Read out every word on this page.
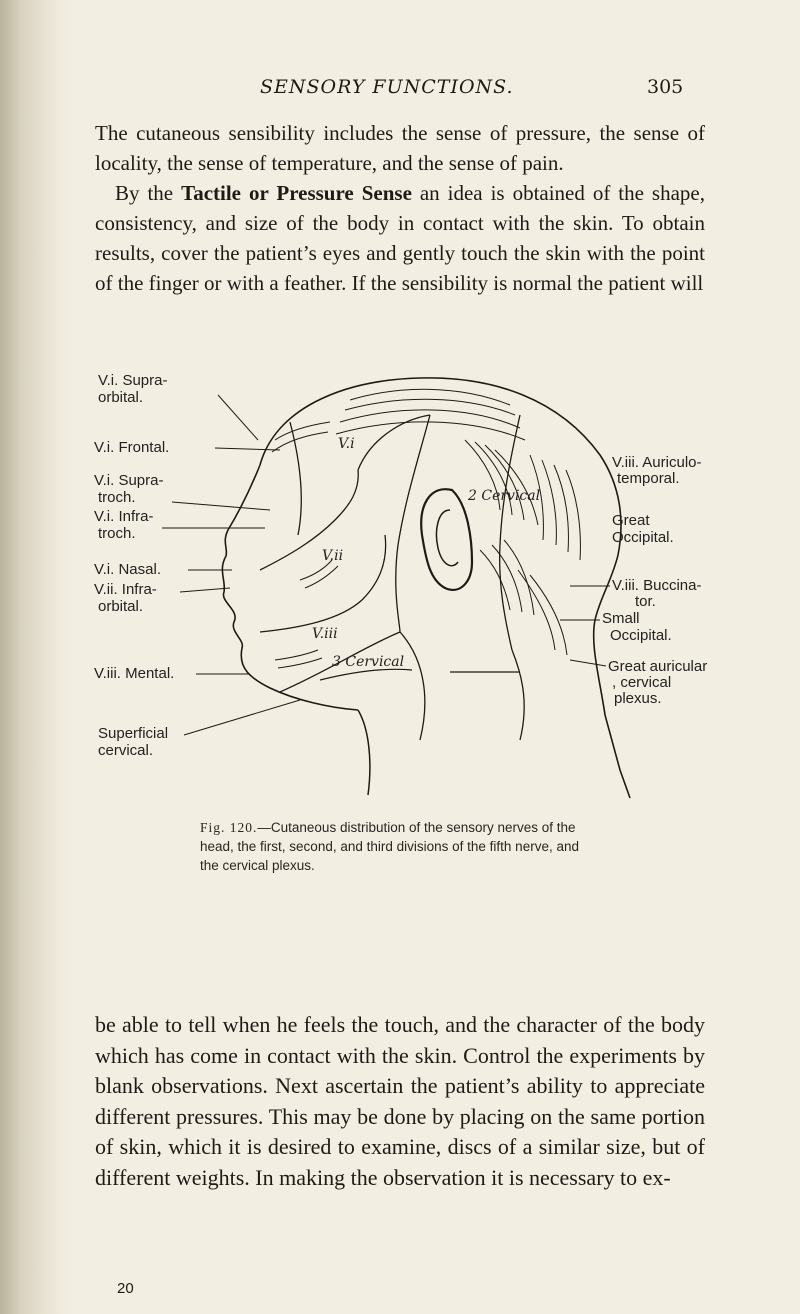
SENSORY FUNCTIONS.	305

The cutaneous sensibility includes the sense of pressure, the sense of locality, the sense of temperature, and the sense of pain.

By the Tactile or Pressure Sense an idea is obtained of the shape, consistency, and size of the body in contact with the skin. To obtain results, cover the patient’s eyes and gently touch the skin with the point of the finger or with a feather. If the sensibility is normal the patient will

V.i
V.ii
V.iii
2 Cervical
3 Cervical
V.i. Supra-
orbital.
V.i. Frontal.
V.i. Supra-
troch.
V.i. Infra-
troch.
V.i. Nasal.
V.ii. Infra-
orbital.
V.iii. Mental.
Superficial
cervical.
V.iii. Auriculo-
temporal.
Great
Occipital.
V.iii. Buccina-
tor.
Small
Occipital.
Great auricular
, cervical
plexus.
Fig. 120.—Cutaneous distribution of the sensory nerves of the head, the first, second, and third divisions of the fifth nerve, and the cervical plexus.

be able to tell when he feels the touch, and the character of the body which has come in contact with the skin. Control the experiments by blank observations. Next ascertain the patient’s ability to appreciate different pressures. This may be done by placing on the same portion of skin, which it is desired to examine, discs of a similar size, but of different weights. In making the observation it is necessary to ex-

20
